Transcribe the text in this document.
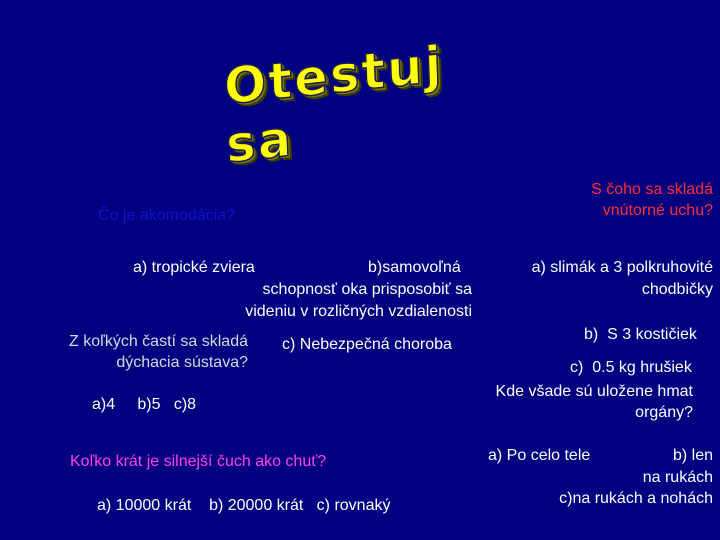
Otestuj sa
Čo je akomodácia?
a) tropické zviera	b)samovoľná
schopnosť oka prisposobiť sa
videniu v rozličných vzdialenosti
c) Nebezpečná choroba
Z koľkých častí sa skladá
dýchacia sústava?
a)4     b)5   c)8
Koľko krát je silnejší čuch ako chuť?
a) 10000 krát    b) 20000 krát   c) rovnaký
S čoho sa skladá
vnútorné uchu?
a) slimák a 3 polkruhovité
chodbičky
b)  S 3 kostičiek
c)  0.5 kg hrušiek
Kde všade sú uložene hmat
orgány?
a) Po celo tele	b) len
na rukách
c)na rukách a nohách
